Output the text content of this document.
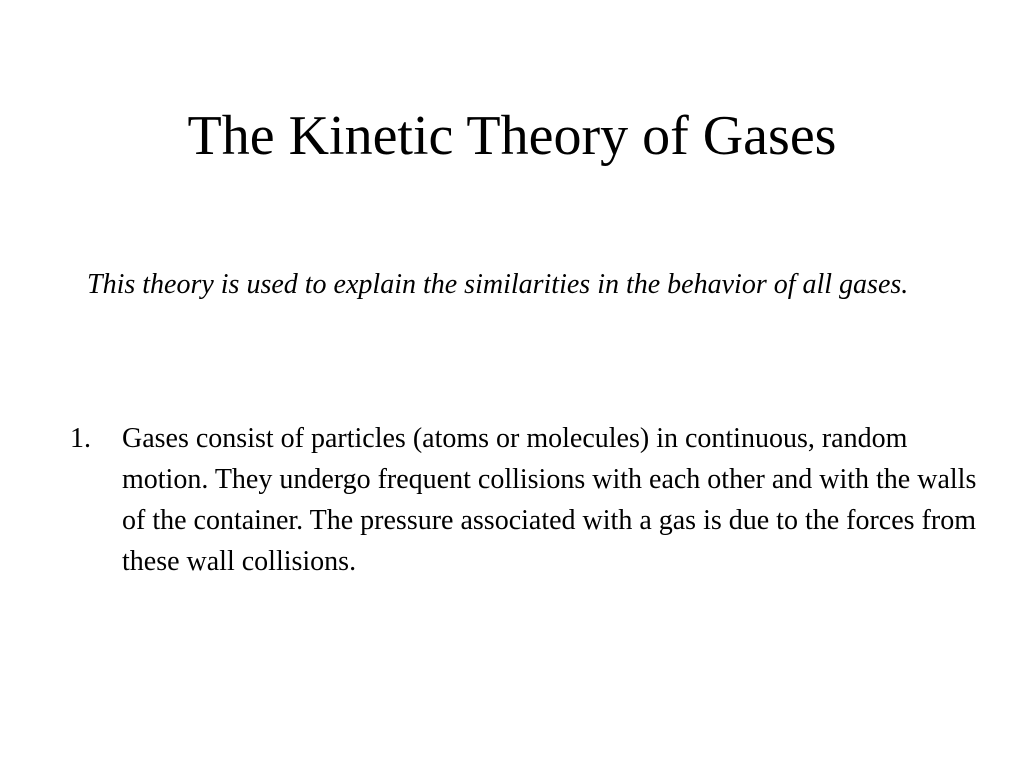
The Kinetic Theory of Gases

This theory is used to explain the similarities in the behavior of all gases.

1. Gases consist of particles (atoms or molecules) in continuous, random motion. They undergo frequent collisions with each other and with the walls of the container. The pressure associated with a gas is due to the forces from these wall collisions.
